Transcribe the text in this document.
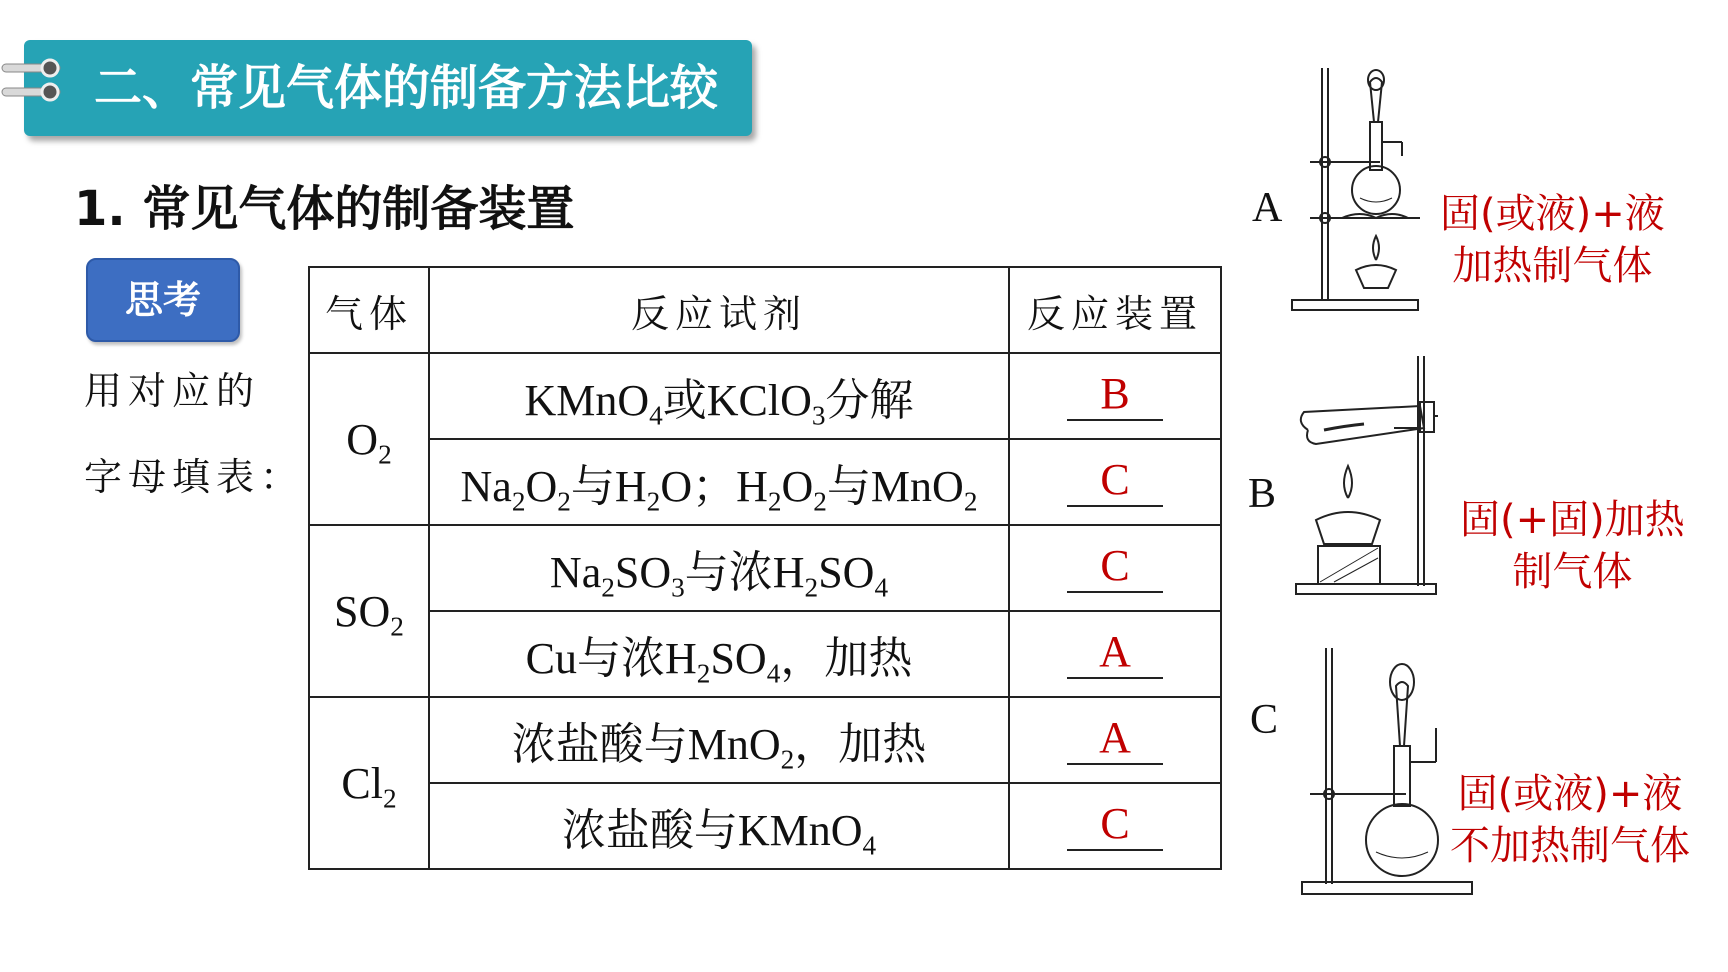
二、常见气体的制备方法比较
1. 常见气体的制备装置
思考
用对应的
字母填表：
气体	反应试剂	反应装置
$O_2$	KMnO$_4$或KClO$_3$分解	B
	$Na_2O_2$与$H_2O$；$H_2O_2$与MnO$_2$	C
$SO_2$	$Na_2SO_3$与浓$H_2SO_4$	C
	Cu与浓$H_2SO_4$，加热	A
$Cl_2$	浓盐酸与MnO$_2$，加热	A
	浓盐酸与KMnO$_4$	C
A	固(或液)+液
加热制气体
B
固(+固)加热
制气体
C
固(或液)+液
不加热制气体
